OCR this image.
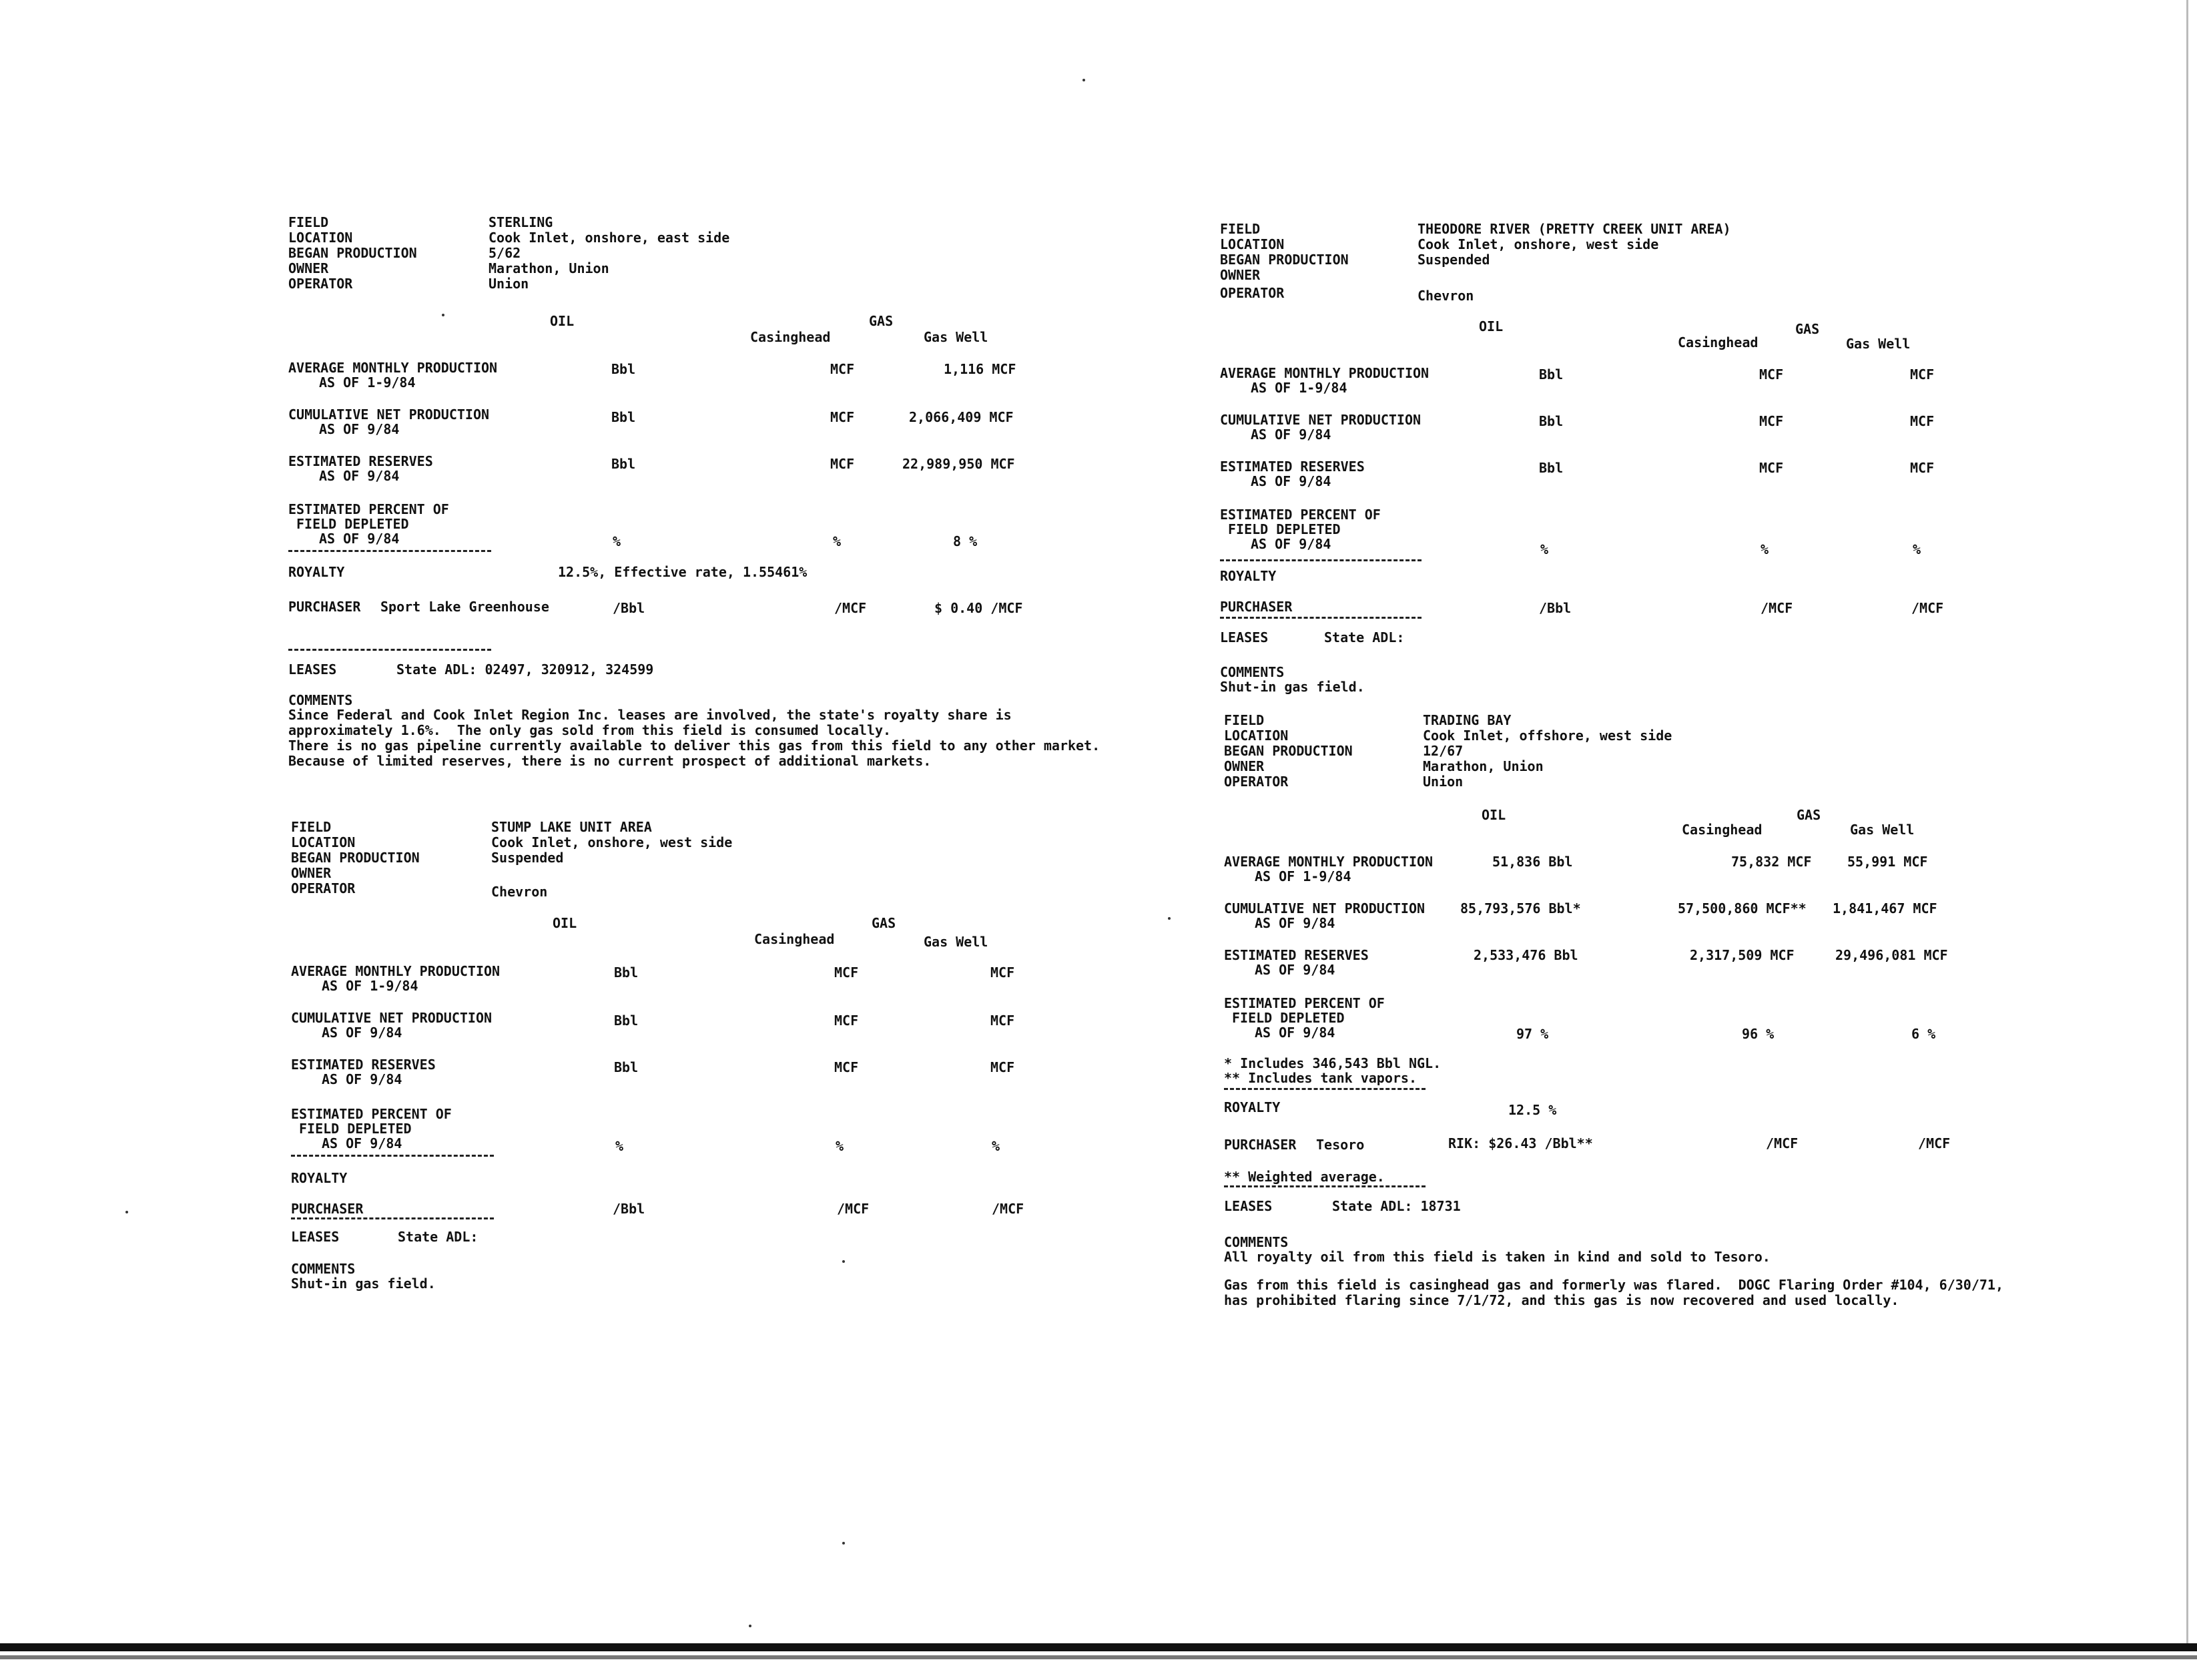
FIELD	STERLING
LOCATION	Cook Inlet, onshore, east side
BEGAN PRODUCTION	5/62
OWNER	Marathon, Union
OPERATOR	Union
OIL	GAS
Casinghead	Gas Well
AVERAGE MONTHLY PRODUCTION
AS OF 1-9/84
Bbl	MCF	1,116 MCF
CUMULATIVE NET PRODUCTION
AS OF 9/84
Bbl	MCF	2,066,409 MCF
ESTIMATED RESERVES
AS OF 9/84
Bbl	MCF	22,989,950 MCF
ESTIMATED PERCENT OF
FIELD DEPLETED
AS OF 9/84	%	%	8 %
ROYALTY	12.5%, Effective rate, 1.55461%
PURCHASER Sport Lake Greenhouse	/Bbl	/MCF	$ 0.40 /MCF
LEASES	State ADL: 02497, 320912, 324599
COMMENTS
Since Federal and Cook Inlet Region Inc. leases are involved, the state's royalty share is
approximately 1.6%.  The only gas sold from this field is consumed locally.
There is no gas pipeline currently available to deliver this gas from this field to any other market.
Because of limited reserves, there is no current prospect of additional markets.
FIELD	STUMP LAKE UNIT AREA
LOCATION	Cook Inlet, onshore, west side
BEGAN PRODUCTION	Suspended
OWNER
OPERATOR	Chevron
OIL	GAS
Casinghead	Gas Well
AVERAGE MONTHLY PRODUCTION
AS OF 1-9/84
Bbl	MCF	MCF
CUMULATIVE NET PRODUCTION
AS OF 9/84
Bbl	MCF	MCF
ESTIMATED RESERVES
AS OF 9/84
Bbl	MCF	MCF
ESTIMATED PERCENT OF
FIELD DEPLETED
AS OF 9/84	%	%	%
ROYALTY
PURCHASER	/Bbl	/MCF	/MCF
LEASES	State ADL:
COMMENTS
Shut-in gas field.
FIELD	THEODORE RIVER (PRETTY CREEK UNIT AREA)
LOCATION	Cook Inlet, onshore, west side
BEGAN PRODUCTION	Suspended
OWNER
OPERATOR	Chevron
OIL	GAS
Casinghead	Gas Well
AVERAGE MONTHLY PRODUCTION
AS OF 1-9/84
Bbl	MCF	MCF
CUMULATIVE NET PRODUCTION
AS OF 9/84
Bbl	MCF	MCF
ESTIMATED RESERVES
AS OF 9/84
Bbl	MCF	MCF
ESTIMATED PERCENT OF
FIELD DEPLETED
AS OF 9/84	%	%	%
ROYALTY
PURCHASER	/Bbl	/MCF	/MCF
LEASES	State ADL:
COMMENTS
Shut-in gas field.
FIELD	TRADING BAY
LOCATION	Cook Inlet, offshore, west side
BEGAN PRODUCTION	12/67
OWNER	Marathon, Union
OPERATOR	Union
OIL	GAS
Casinghead	Gas Well
AVERAGE MONTHLY PRODUCTION
AS OF 1-9/84
51,836 Bbl	75,832 MCF	55,991 MCF
CUMULATIVE NET PRODUCTION
AS OF 9/84
85,793,576 Bbl*	57,500,860 MCF** 1,841,467 MCF
ESTIMATED RESERVES
AS OF 9/84
2,533,476 Bbl	2,317,509 MCF	29,496,081 MCF
ESTIMATED PERCENT OF
FIELD DEPLETED
AS OF 9/84	97 %	96 %	6 %
* Includes 346,543 Bbl NGL.
** Includes tank vapors.
ROYALTY	12.5 %
PURCHASER Tesoro	RIK: $26.43 /Bbl**	/MCF	/MCF
** Weighted average.
LEASES	State ADL: 18731
COMMENTS
All royalty oil from this field is taken in kind and sold to Tesoro.
Gas from this field is casinghead gas and formerly was flared.  DOGC Flaring Order #104, 6/30/71,
has prohibited flaring since 7/1/72, and this gas is now recovered and used locally.
